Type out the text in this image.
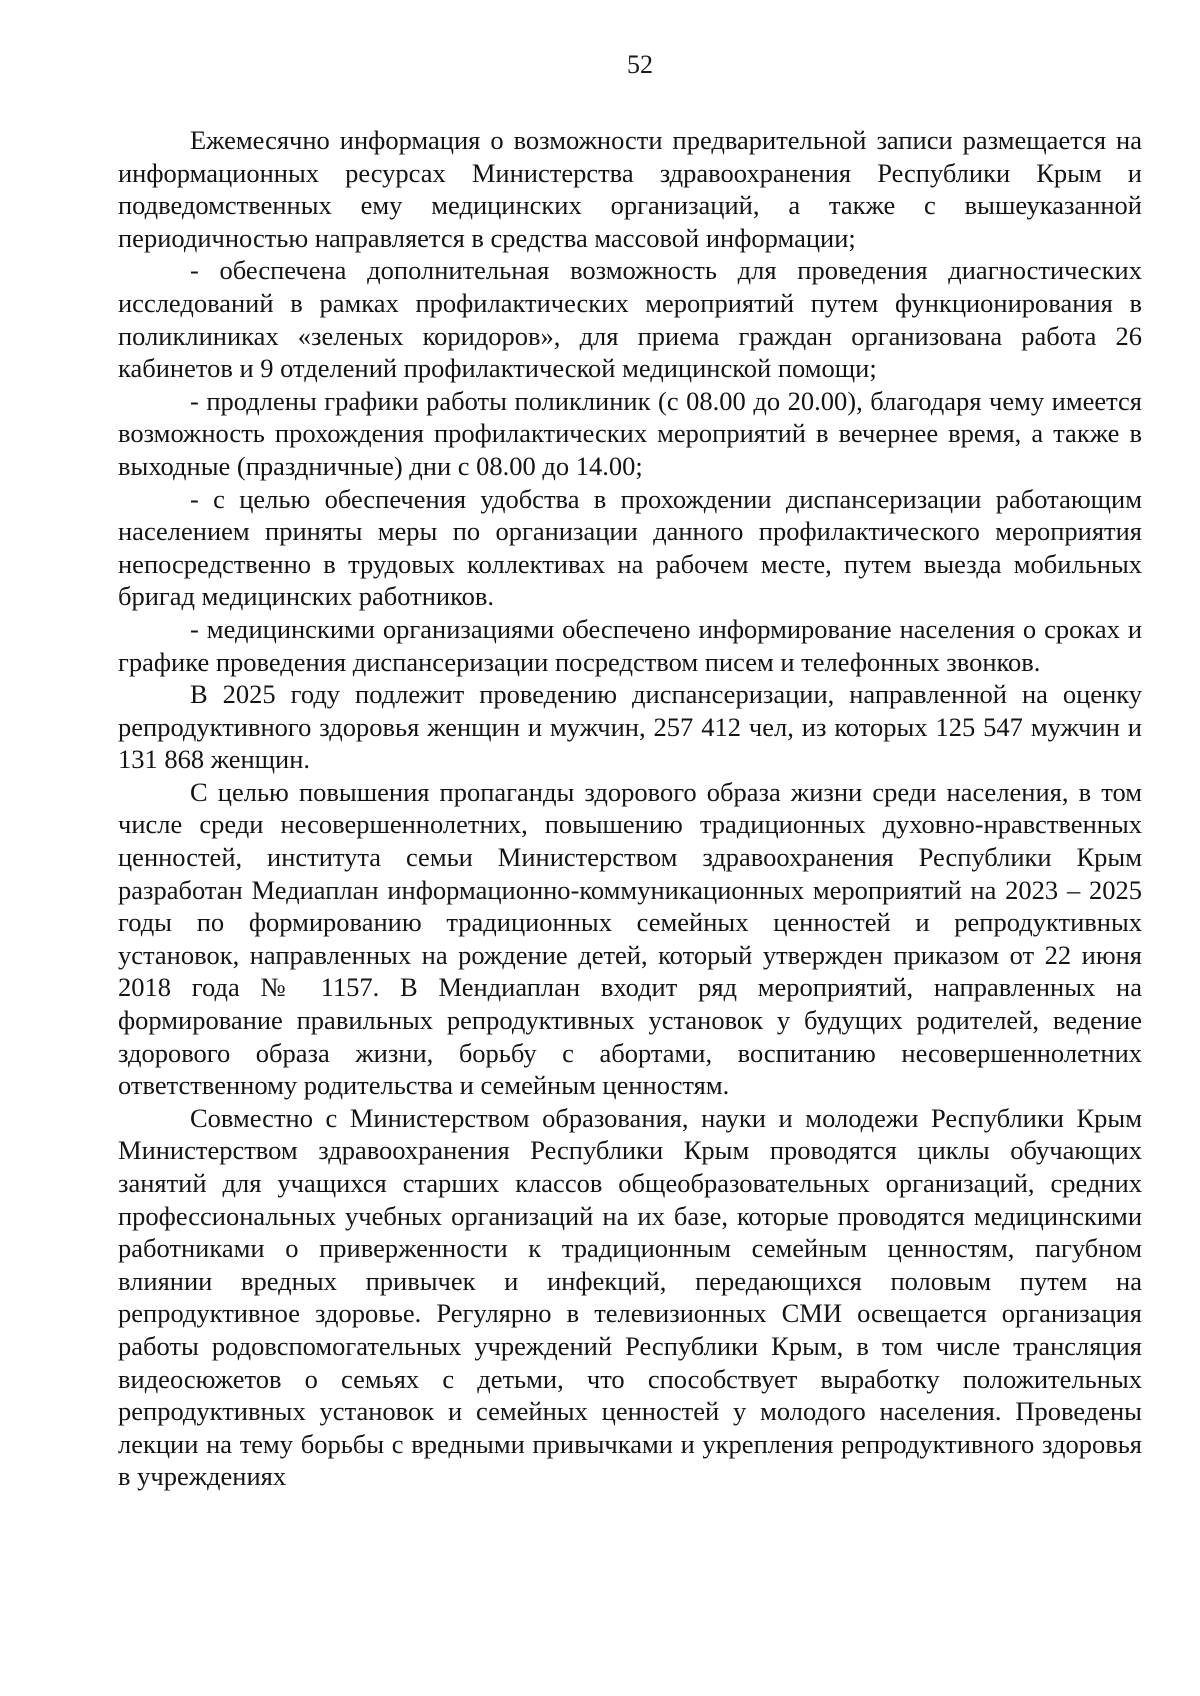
52

Ежемесячно информация о возможности предварительной записи размещается на информационных ресурсах Министерства здравоохранения Республики Крым и подведомственных ему медицинских организаций, а также с вышеуказанной периодичностью направляется в средства массовой информации;

- обеспечена дополнительная возможность для проведения диагностических исследований в рамках профилактических мероприятий путем функционирования в поликлиниках «зеленых коридоров», для приема граждан организована работа 26 кабинетов и 9 отделений профилактической медицинской помощи;

- продлены графики работы поликлиник (с 08.00 до 20.00), благодаря чему имеется возможность прохождения профилактических мероприятий в вечернее время, а также в выходные (праздничные) дни с 08.00 до 14.00;

- с целью обеспечения удобства в прохождении диспансеризации работающим населением приняты меры по организации данного профилактического мероприятия непосредственно в трудовых коллективах на рабочем месте, путем выезда мобильных бригад медицинских работников.

- медицинскими организациями обеспечено информирование населения о сроках и графике проведения диспансеризации посредством писем и телефонных звонков.

В 2025 году подлежит проведению диспансеризации, направленной на оценку репродуктивного здоровья женщин и мужчин, 257 412 чел, из которых 125 547 мужчин и 131 868 женщин.

С целью повышения пропаганды здорового образа жизни среди населения, в том числе среди несовершеннолетних, повышению традиционных духовно-нравственных ценностей, института семьи Министерством здравоохранения Республики Крым разработан Медиаплан информационно-коммуникационных мероприятий на 2023 – 2025 годы по формированию традиционных семейных ценностей и репродуктивных установок, направленных на рождение детей, который утвержден приказом от 22 июня 2018 года № 1157. В Мендиаплан входит ряд мероприятий, направленных на формирование правильных репродуктивных установок у будущих родителей, ведение здорового образа жизни, борьбу с абортами, воспитанию несовершеннолетних ответственному родительства и семейным ценностям.

Совместно с Министерством образования, науки и молодежи Республики Крым Министерством здравоохранения Республики Крым проводятся циклы обучающих занятий для учащихся старших классов общеобразовательных организаций, средних профессиональных учебных организаций на их базе, которые проводятся медицинскими работниками о приверженности к традиционным семейным ценностям, пагубном влиянии вредных привычек и инфекций, передающихся половым путем на репродуктивное здоровье. Регулярно в телевизионных СМИ освещается организация работы родовспомогательных учреждений Республики Крым, в том числе трансляция видеосюжетов о семьях с детьми, что способствует выработку положительных репродуктивных установок и семейных ценностей у молодого населения. Проведены лекции на тему борьбы с вредными привычками и укрепления репродуктивного здоровья в учреждениях
